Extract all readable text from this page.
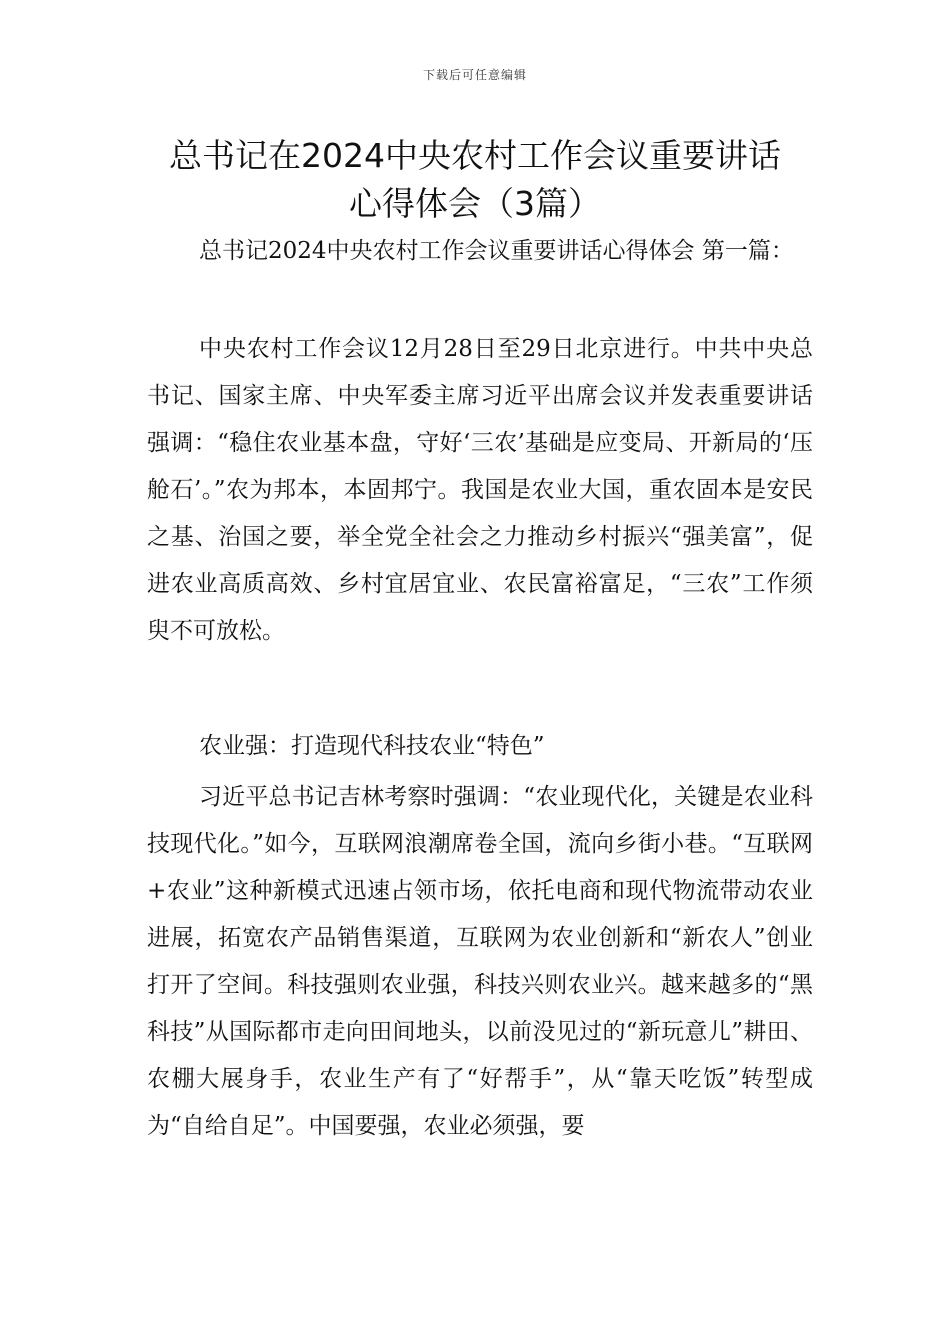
下载后可任意编辑
总书记在2024中央农村工作会议重要讲话
心得体会（3篇）

总书记2024中央农村工作会议重要讲话心得体会 第一篇：

中央农村工作会议12月28日至29日北京进行。中共中央总书记、国家主席、中央军委主席习近平出席会议并发表重要讲话强调：“稳住农业基本盘，守好‘三农’基础是应变局、开新局的‘压舱石’。”农为邦本，本固邦宁。我国是农业大国，重农固本是安民之基、治国之要，举全党全社会之力推动乡村振兴“强美富”，促进农业高质高效、乡村宜居宜业、农民富裕富足，“三农”工作须臾不可放松。

农业强：打造现代科技农业“特色”

习近平总书记吉林考察时强调：“农业现代化，关键是农业科技现代化。”如今，互联网浪潮席卷全国，流向乡街小巷。“互联网+农业”这种新模式迅速占领市场，依托电商和现代物流带动农业进展，拓宽农产品销售渠道，互联网为农业创新和“新农人”创业打开了空间。科技强则农业强，科技兴则农业兴。越来越多的“黑科技”从国际都市走向田间地头，以前没见过的“新玩意儿”耕田、农棚大展身手，农业生产有了“好帮手”，从“靠天吃饭”转型成为“自给自足”。中国要强，农业必须强，要
